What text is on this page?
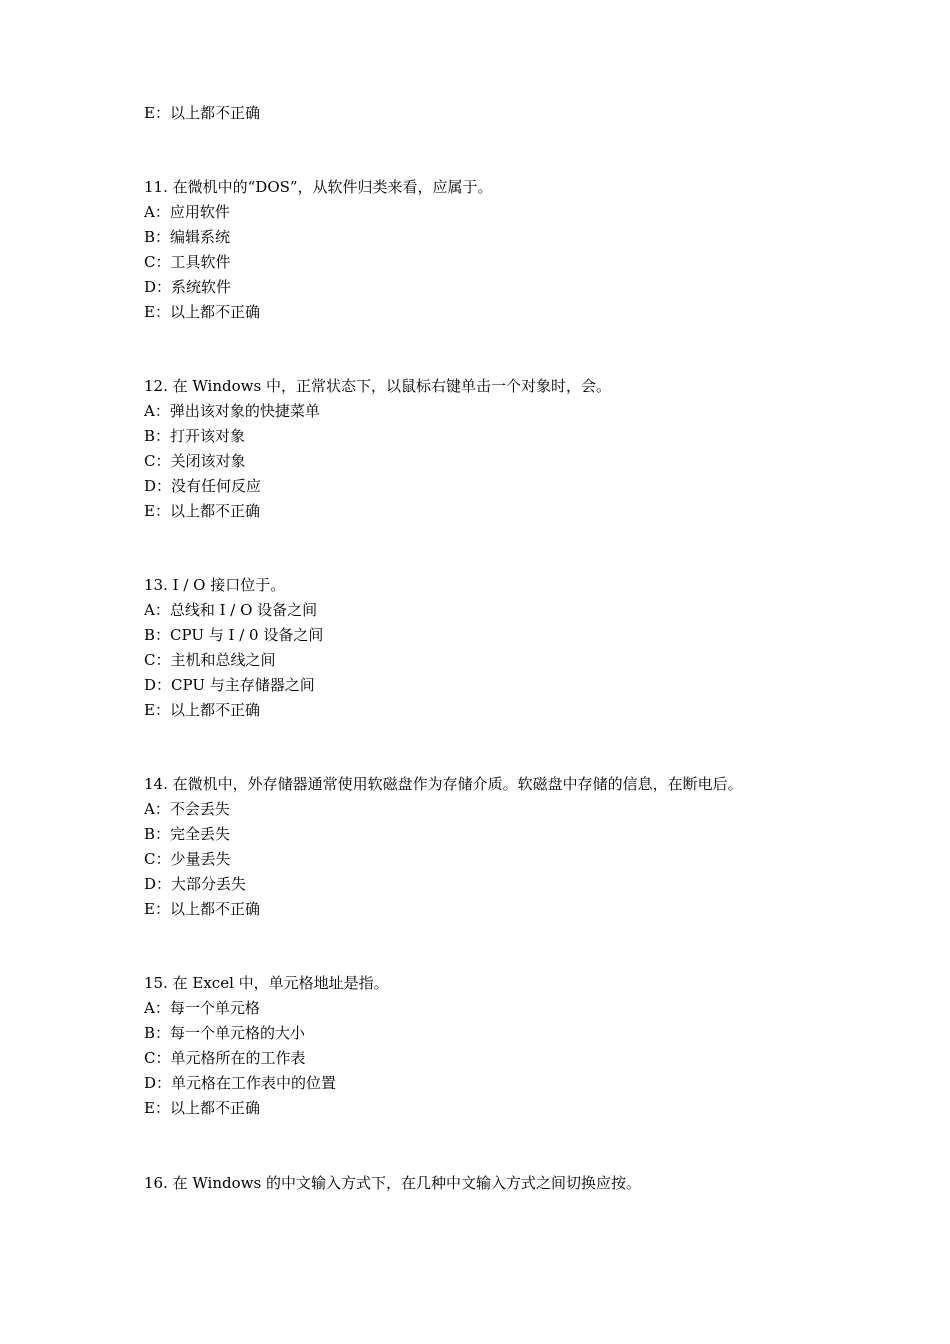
E：以上都不正确
11. 在微机中的“DOS”，从软件归类来看，应属于。
A：应用软件
B：编辑系统
C：工具软件
D：系统软件
E：以上都不正确
12. 在 Windows 中，正常状态下，以鼠标右键单击一个对象时，会。
A：弹出该对象的快捷菜单
B：打开该对象
C：关闭该对象
D：没有任何反应
E：以上都不正确
13. I / O 接口位于。
A：总线和 I / O 设备之间
B：CPU 与 I / 0 设备之间
C：主机和总线之间
D：CPU 与主存储器之间
E：以上都不正确
14. 在微机中，外存储器通常使用软磁盘作为存储介质。软磁盘中存储的信息，在断电后。
A：不会丢失
B：完全丢失
C：少量丢失
D：大部分丢失
E：以上都不正确
15. 在 Excel 中，单元格地址是指。
A：每一个单元格
B：每一个单元格的大小
C：单元格所在的工作表
D：单元格在工作表中的位置
E：以上都不正确
16. 在 Windows 的中文输入方式下，在几种中文输入方式之间切换应按。
